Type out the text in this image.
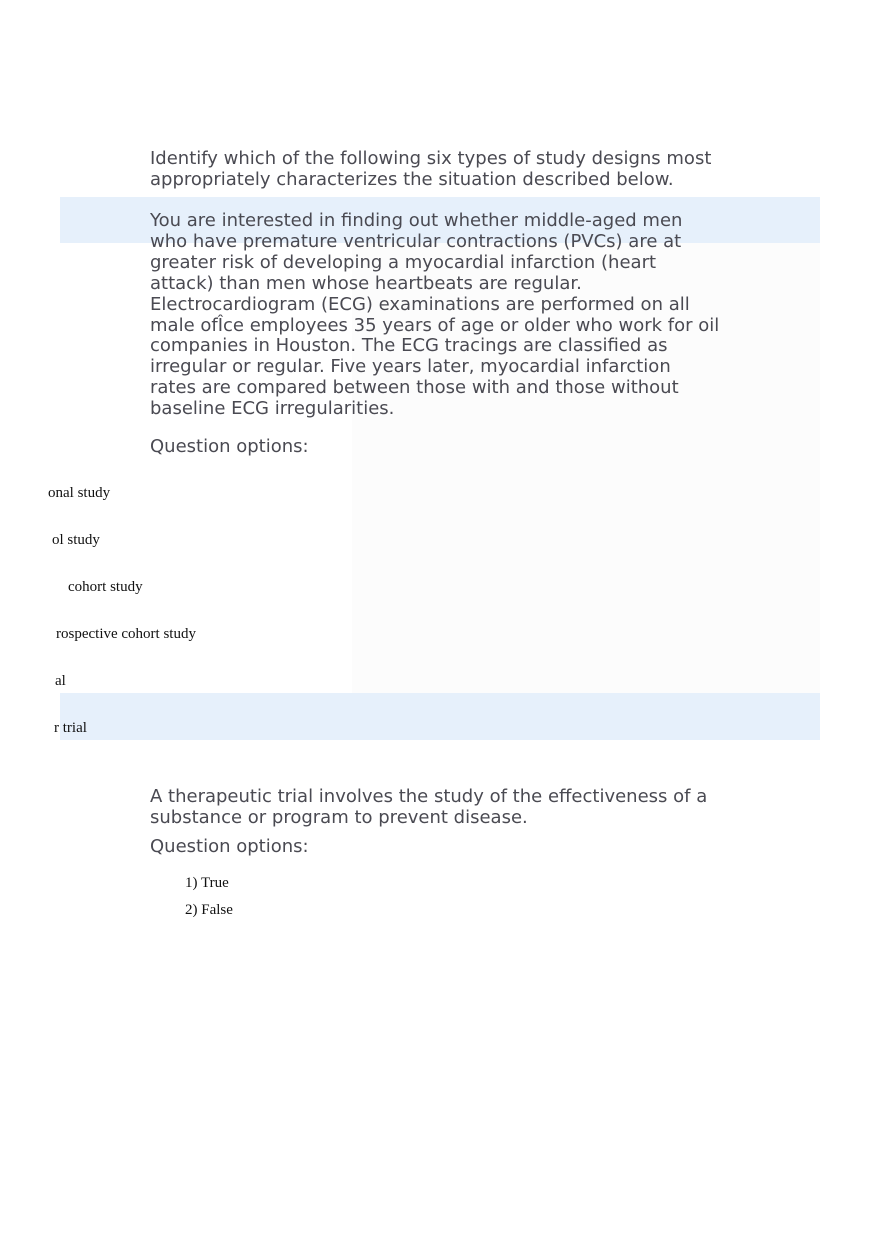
Identify which of the following six types of study designs most appropriately characterizes the situation described below.
You are interested in finding out whether middle-aged men who have premature ventricular contractions (PVCs) are at greater risk of developing a myocardial infarction (heart attack) than men whose heartbeats are regular. Electrocardiogram (ECG) examinations are performed on all male ofÎce employees 35 years of age or older who work for oil companies in Houston. The ECG tracings are classified as irregular or regular. Five years later, myocardial infarction rates are compared between those with and those without baseline ECG irregularities.
Question options:
onal study
ol study
cohort study
rospective cohort study
al
r trial
A therapeutic trial involves the study of the effectiveness of a substance or program to prevent disease.
Question options:
1) True
2) False
